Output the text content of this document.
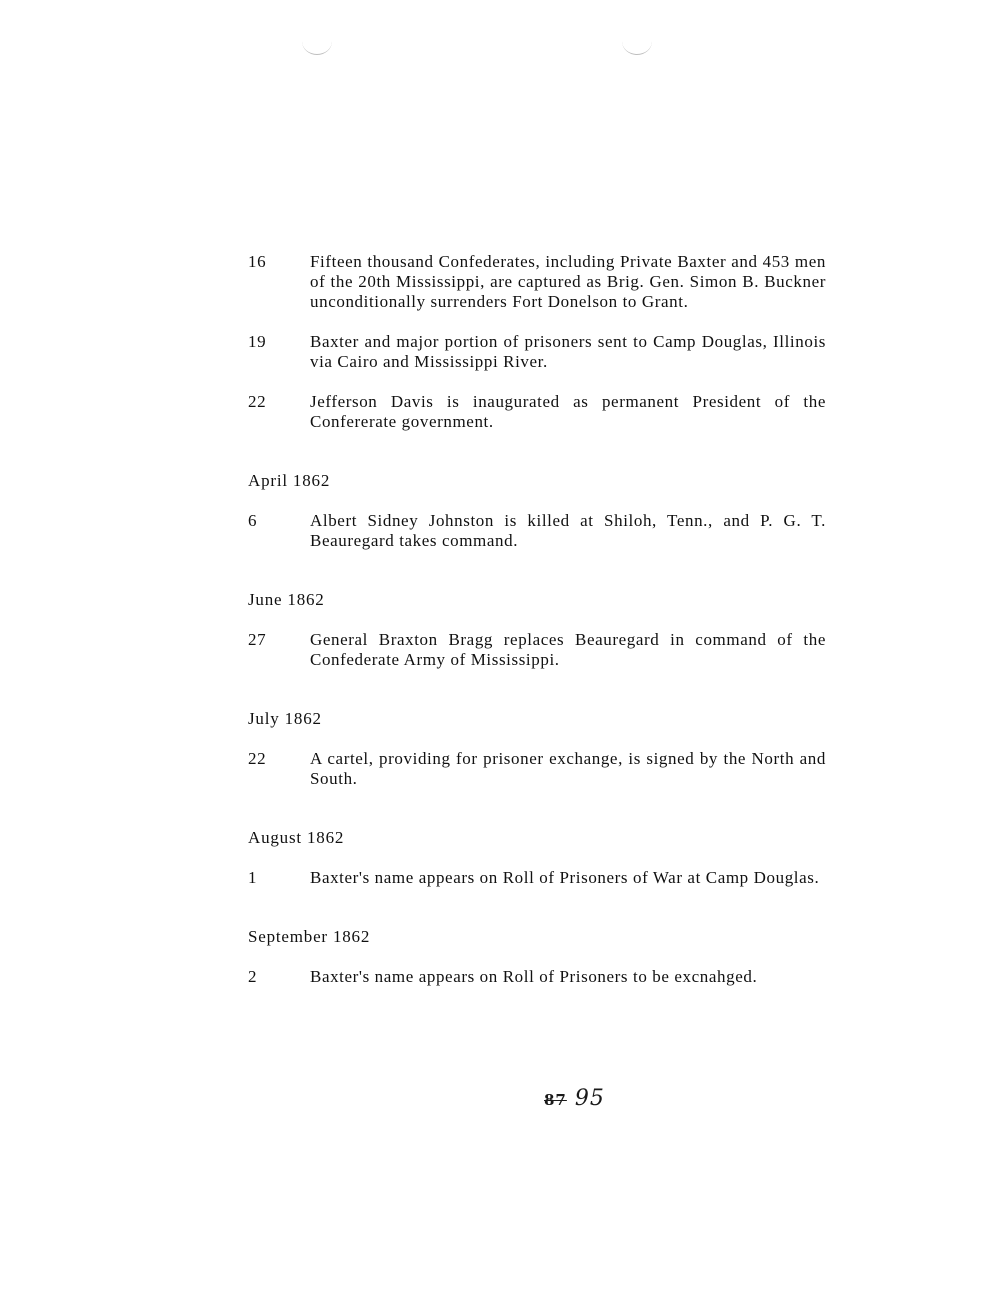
16	Fifteen thousand Confederates, including Private Baxter and 453 men of the 20th Mississippi, are captured as Brig. Gen. Simon B. Buckner unconditionally surrenders Fort Donelson to Grant.
19	Baxter and major portion of prisoners sent to Camp Douglas, Illinois via Cairo and Mississippi River.
22	Jefferson Davis is inaugurated as permanent President of the Confererate government.
April 1862
6	Albert Sidney Johnston is killed at Shiloh, Tenn., and P. G. T. Beauregard takes command.
June 1862
27	General Braxton Bragg replaces Beauregard in command of the Confederate Army of Mississippi.
July 1862
22	A cartel, providing for prisoner exchange, is signed by the North and South.
August 1862
1	Baxter's name appears on Roll of Prisoners of War at Camp Douglas.
September 1862
2	Baxter's name appears on Roll of Prisoners to be excnahged.
87 95
